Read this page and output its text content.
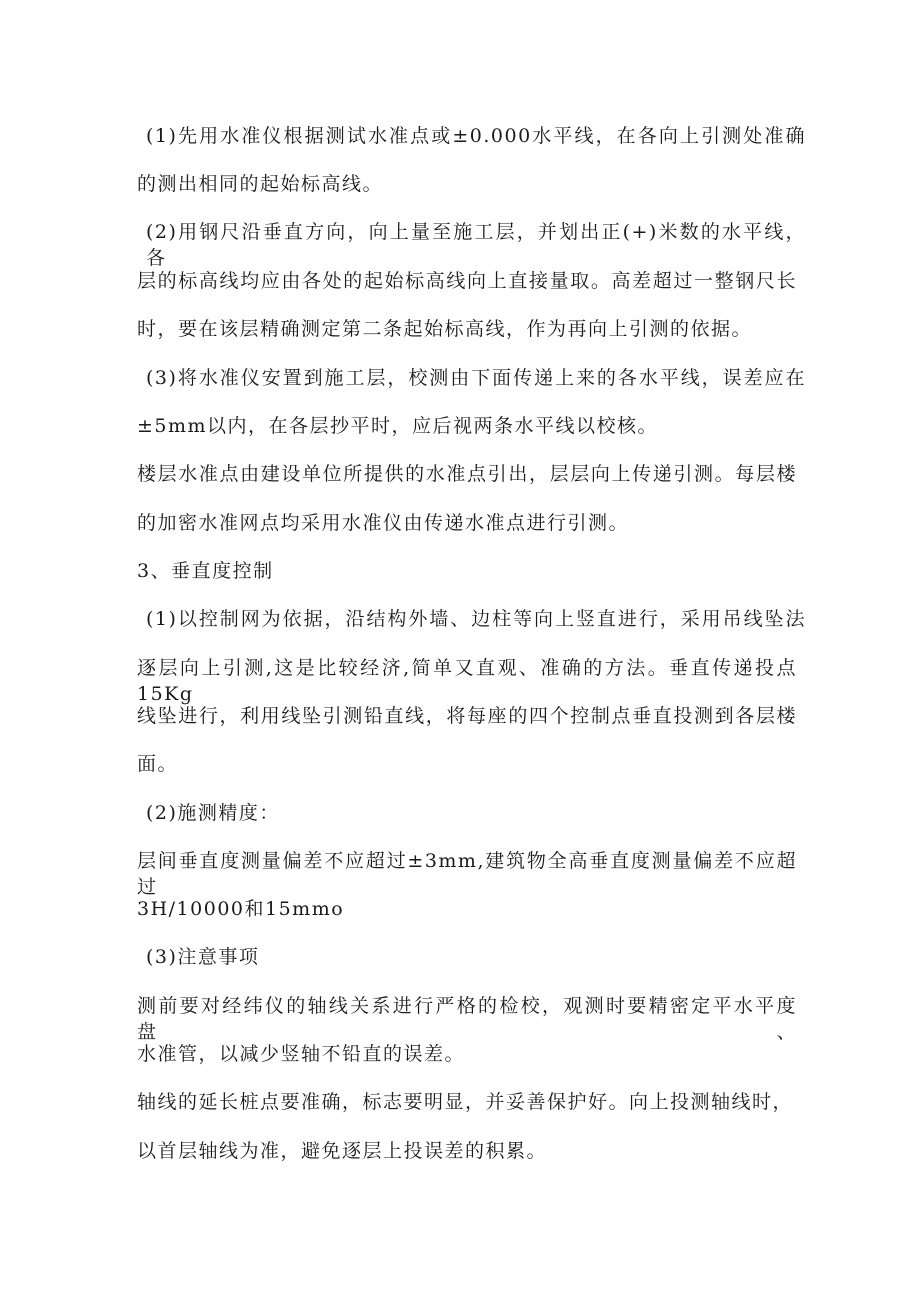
(1)先用水准仪根据测试水准点或±0.000水平线，在各向上引测处准确
的测出相同的起始标高线。
(2)用钢尺沿垂直方向，向上量至施工层，并划出正(+)米数的水平线，各
层的标高线均应由各处的起始标高线向上直接量取。高差超过一整钢尺长
时，要在该层精确测定第二条起始标高线，作为再向上引测的依据。
(3)将水准仪安置到施工层，校测由下面传递上来的各水平线，误差应在
±5mm以内，在各层抄平时，应后视两条水平线以校核。
楼层水准点由建设单位所提供的水准点引出，层层向上传递引测。每层楼
的加密水准网点均采用水准仪由传递水准点进行引测。
3、垂直度控制
(1)以控制网为依据，沿结构外墙、边柱等向上竖直进行，采用吊线坠法
逐层向上引测,这是比较经济,简单又直观、准确的方法。垂直传递投点15Kg
线坠进行，利用线坠引测铅直线，将每座的四个控制点垂直投测到各层楼
面。
(2)施测精度：
层间垂直度测量偏差不应超过±3mm,建筑物全高垂直度测量偏差不应超过
3H/10000和15mmo
(3)注意事项
测前要对经纬仪的轴线关系进行严格的检校，观测时要精密定平水平度盘、
水准管，以减少竖轴不铅直的误差。
轴线的延长桩点要准确，标志要明显，并妥善保护好。向上投测轴线时，
以首层轴线为准，避免逐层上投误差的积累。
